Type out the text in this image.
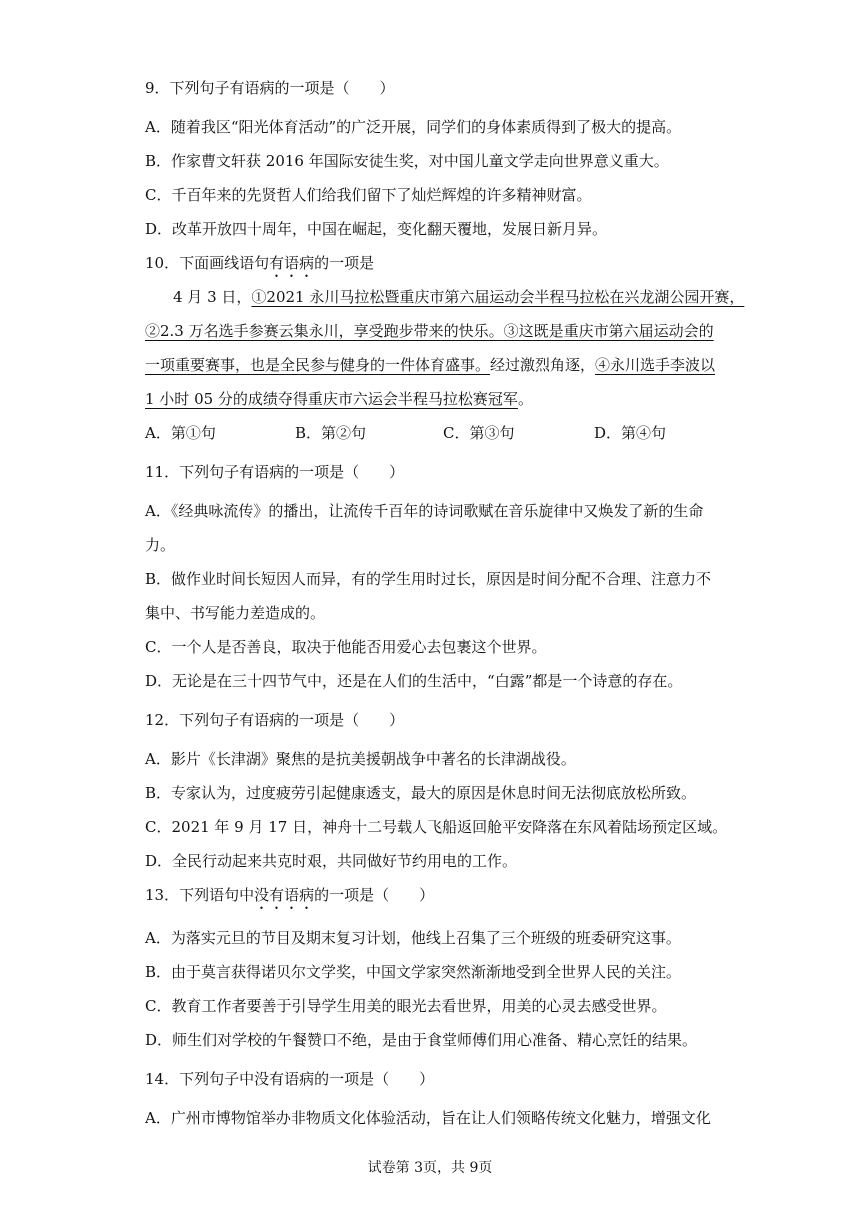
9．下列句子有语病的一项是（　　）
A．随着我区“阳光体育活动”的广泛开展，同学们的身体素质得到了极大的提高。
B．作家曹文轩获 2016 年国际安徒生奖，对中国儿童文学走向世界意义重大。
C．千百年来的先贤哲人们给我们留下了灿烂辉煌的许多精神财富。
D．改革开放四十周年，中国在崛起，变化翻天覆地，发展日新月异。
10．下面画线语句有语病的一项是
4 月 3 日，①2021 永川马拉松暨重庆市第六届运动会半程马拉松在兴龙湖公园开赛，
②2.3 万名选手参赛云集永川，享受跑步带来的快乐。③这既是重庆市第六届运动会的
一项重要赛事，也是全民参与健身的一件体育盛事。经过激烈角逐，④永川选手李波以
1 小时 05 分的成绩夺得重庆市六运会半程马拉松赛冠军。
A．第①句	B．第②句	C．第③句	D．第④句
11．下列句子有语病的一项是（　　）
A．《经典咏流传》的播出，让流传千百年的诗词歌赋在音乐旋律中又焕发了新的生命
力。
B．做作业时间长短因人而异，有的学生用时过长，原因是时间分配不合理、注意力不
集中、书写能力差造成的。
C．一个人是否善良，取决于他能否用爱心去包裹这个世界。
D．无论是在三十四节气中，还是在人们的生活中，“白露”都是一个诗意的存在。
12．下列句子有语病的一项是（　　）
A．影片《长津湖》聚焦的是抗美援朝战争中著名的长津湖战役。
B．专家认为，过度疲劳引起健康透支，最大的原因是休息时间无法彻底放松所致。
C．2021 年 9 月 17 日，神舟十二号载人飞船返回舱平安降落在东风着陆场预定区域。
D．全民行动起来共克时艰，共同做好节约用电的工作。
13．下列语句中没有语病的一项是（　　）
A．为落实元旦的节目及期末复习计划，他线上召集了三个班级的班委研究这事。
B．由于莫言获得诺贝尔文学奖，中国文学家突然渐渐地受到全世界人民的关注。
C．教育工作者要善于引导学生用美的眼光去看世界，用美的心灵去感受世界。
D．师生们对学校的午餐赞口不绝，是由于食堂师傅们用心准备、精心烹饪的结果。
14．下列句子中没有语病的一项是（　　）
A．广州市博物馆举办非物质文化体验活动，旨在让人们领略传统文化魅力，增强文化
试卷第 3页，共 9页
